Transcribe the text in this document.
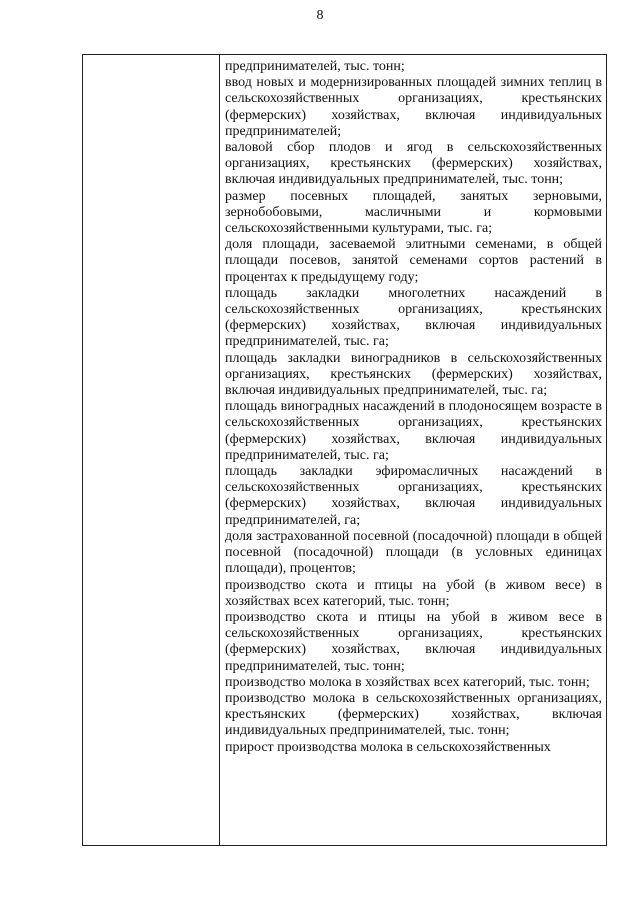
8

предпринимателей, тыс. тонн;

ввод новых и модернизированных площадей зимних теплиц в сельскохозяйственных организациях, крестьянских (фермерских) хозяйствах, включая индивидуальных предпринимателей;

валовой сбор плодов и ягод в сельскохозяйственных организациях, крестьянских (фермерских) хозяйствах, включая индивидуальных предпринимателей, тыс. тонн;

размер посевных площадей, занятых зерновыми, зернобобовыми, масличными и кормовыми сельскохозяйственными культурами, тыс. га;

доля площади, засеваемой элитными семенами, в общей площади посевов, занятой семенами сортов растений в процентах к предыдущему году;

площадь закладки многолетних насаждений в сельскохозяйственных организациях, крестьянских (фермерских) хозяйствах, включая индивидуальных предпринимателей, тыс. га;

площадь закладки виноградников в сельскохозяйственных организациях, крестьянских (фермерских) хозяйствах, включая индивидуальных предпринимателей, тыс. га;

площадь виноградных насаждений в плодоносящем возрасте в сельскохозяйственных организациях, крестьянских (фермерских) хозяйствах, включая индивидуальных предпринимателей, тыс. га;

площадь закладки эфиромасличных насаждений в сельскохозяйственных организациях, крестьянских (фермерских) хозяйствах, включая индивидуальных предпринимателей, га;

доля застрахованной посевной (посадочной) площади в общей посевной (посадочной) площади (в условных единицах площади), процентов;

производство скота и птицы на убой (в живом весе) в хозяйствах всех категорий, тыс. тонн;

производство скота и птицы на убой в живом весе в сельскохозяйственных организациях, крестьянских (фермерских) хозяйствах, включая индивидуальных предпринимателей, тыс. тонн;

производство молока в хозяйствах всех категорий, тыс. тонн;

производство молока в сельскохозяйственных организациях, крестьянских (фермерских) хозяйствах, включая индивидуальных предпринимателей, тыс. тонн;

прирост производства молока в сельскохозяйственных
